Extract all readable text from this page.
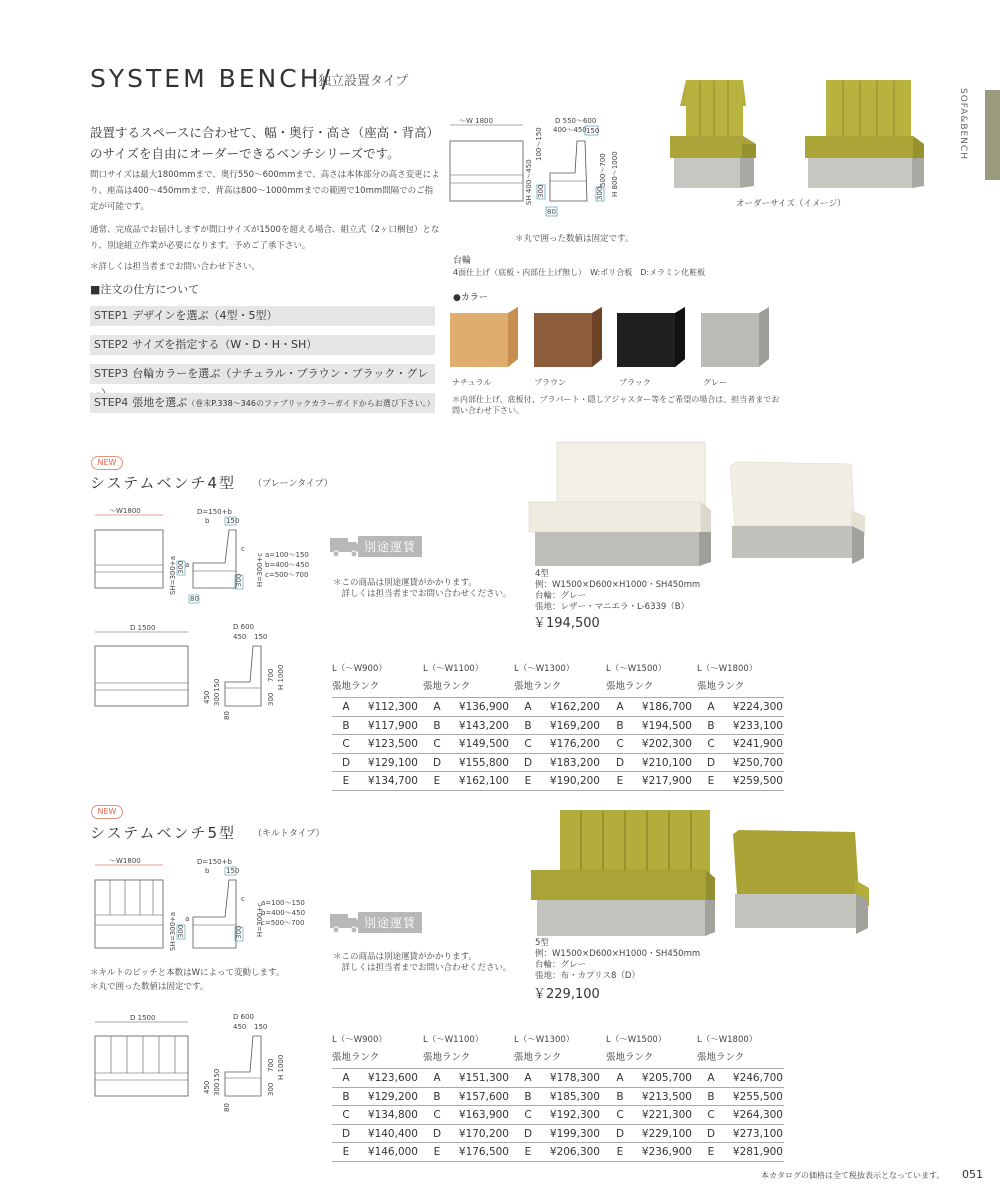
SYSTEM BENCH/
独立設置タイプ
SOFA&BENCH
設置するスペースに合わせて、幅・奥行・高さ（座高・背高）のサイズを自由にオーダーできるベンチシリーズです。
間口サイズは最大1800mmまで、奥行550〜600mmまで、高さは本体部分の高さ変更により、座高は400〜450mmまで、背高は800〜1000mmまでの範囲で10mm間隔でのご指定が可能です。
通常、完成品でお届けしますが間口サイズが1500を超える場合、組立式（2ヶ口梱包）となり、別途組立作業が必要になります。予めご了承下さい。
＊詳しくは担当者までお問い合わせ下さい。
■注文の仕方について
STEP1 デザインを選ぶ（4型・5型）
STEP2 サイズを指定する（W・D・H・SH）
STEP3 台輪カラーを選ぶ（ナチュラル・ブラウン・ブラック・グレ
STEP4 張地を選ぶ（巻末P.338〜346のファブリックカラーガイドからお選び下さい。）
〜W 1800	D 550〜600
400〜450 150
100〜150
500〜700 H 800〜1000
SH 400〜450 300	300
80
＊丸で囲った数値は固定です。
オーダーサイズ（イメージ）
台輪
4面仕上げ（底板・内部仕上げ無し）　W:ポリ合板　D:メラミン化粧板
●カラー
ナチュラル	ブラウン	ブラック	グレー
＊内部仕上げ、底板付、プラパート・隠しアジャスター等をご希望の場合は、担当者までお問い合わせ下さい。
NEW
システムベンチ4型 （プレーンタイプ）
〜W1800	D=150+b
b 150
c
300 H=300+c
SH=300+a 300 a
80
a=100〜150
b=400〜450
c=500〜700
D 1500	D 600
450 150
700 H 1000
300
450
150
300
80
別途運賃
＊この商品は別途運賃がかかります。
　詳しくは担当者までお問い合わせください。
4型
例：W1500×D600×H1000・SH450mm
台輪：グレー
張地：レザー・マニエラ・L-6339（B）
￥194,500
L（〜W900）	L（〜W1100）	L（〜W1300）	L（〜W1500）	L（〜W1800）
張地ランク	張地ランク	張地ランク	張地ランク	張地ランク
A	¥112,300 A	¥136,900 A	¥162,200 A	¥186,700 A	¥224,300
B	¥117,900 B	¥143,200 B	¥169,200 B	¥194,500 B	¥233,100
C	¥123,500 C	¥149,500 C	¥176,200 C	¥202,300 C	¥241,900
D	¥129,100 D	¥155,800 D	¥183,200 D	¥210,100 D	¥250,700
E	¥134,700 E	¥162,100 E	¥190,200 E	¥217,900 E	¥259,500
NEW
システムベンチ5型 （キルトタイプ）
〜W1800	D=150+b
b 150
c
300 H=300+c
SH=300+a 300
a
a=100〜150
b=400〜450
c=500〜700
＊キルトのピッチと本数はWによって変動します。
＊丸で囲った数値は固定です。
D 1500	D 600
450 150
700 H 1000
300
450
150
300
80
別途運賃
＊この商品は別途運賃がかかります。
　詳しくは担当者までお問い合わせください。
5型
例：W1500×D600×H1000・SH450mm
台輪：グレー
張地：布・カプリス8（D）
￥229,100
L（〜W900）	L（〜W1100）	L（〜W1300）	L（〜W1500）	L（〜W1800）
張地ランク	張地ランク	張地ランク	張地ランク	張地ランク
A	¥123,600 A	¥151,300 A	¥178,300 A	¥205,700 A	¥246,700
B	¥129,200 B	¥157,600 B	¥185,300 B	¥213,500 B	¥255,500
C	¥134,800 C	¥163,900 C	¥192,300 C	¥221,300 C	¥264,300
D	¥140,400 D	¥170,200 D	¥199,300 D	¥229,100 D	¥273,100
E	¥146,000 E	¥176,500 E	¥206,300 E	¥236,900 E	¥281,900
本カタログの価格は全て税抜表示となっています。 051
